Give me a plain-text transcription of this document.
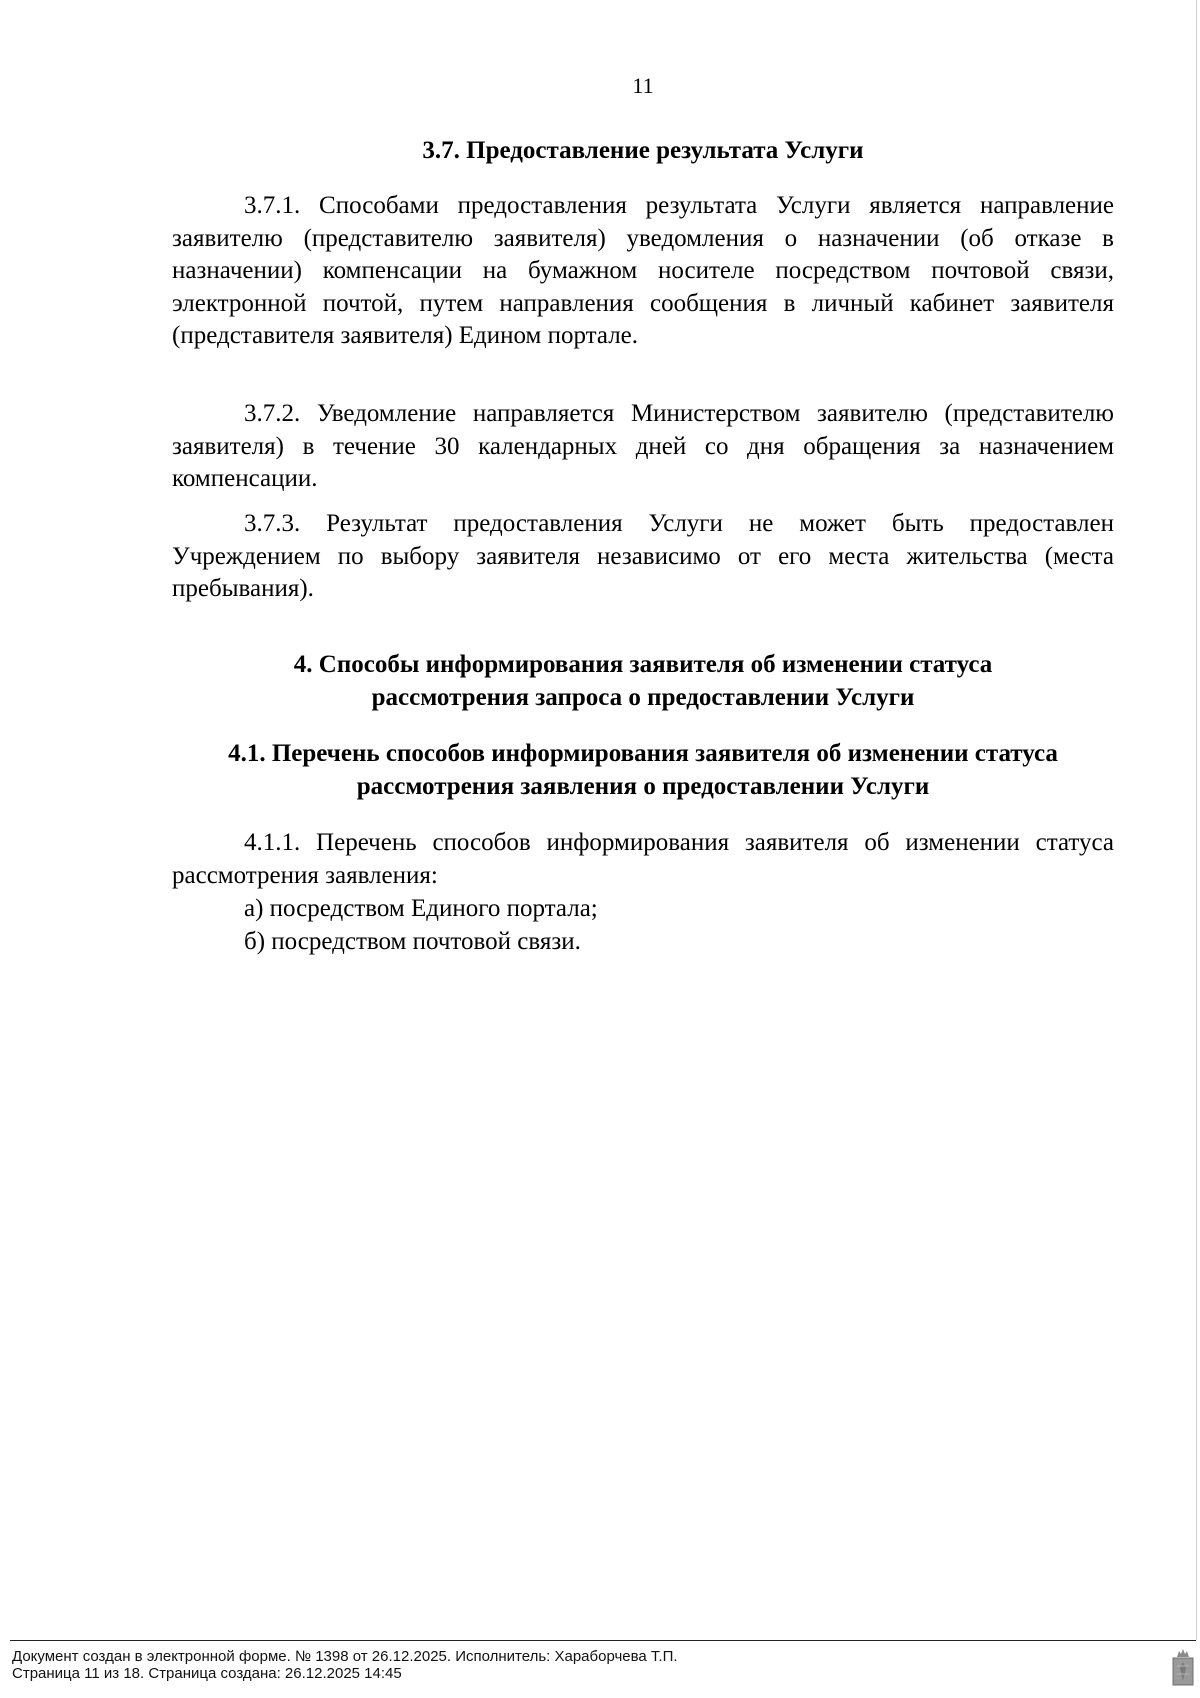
11
3.7. Предоставление результата Услуги

3.7.1. Способами предоставления результата Услуги является направление заявителю (представителю заявителя) уведомления о назначении (об отказе в назначении) компенсации на бумажном носителе посредством почтовой связи, электронной почтой, путем направления сообщения в личный кабинет заявителя (представителя заявителя) Едином портале.

3.7.2. Уведомление направляется Министерством заявителю (представителю заявителя) в течение 30 календарных дней со дня обращения за назначением компенсации.

3.7.3. Результат предоставления Услуги не может быть предоставлен Учреждением по выбору заявителя независимо от его места жительства (места пребывания).

4. Способы информирования заявителя об изменении статуса
рассмотрения запроса о предоставлении Услуги
4.1. Перечень способов информирования заявителя об изменении статуса
рассмотрения заявления о предоставлении Услуги

4.1.1. Перечень способов информирования заявителя об изменении статуса рассмотрения заявления:

а) посредством Единого портала;

б) посредством почтовой связи.

Документ создан в электронной форме. № 1398 от 26.12.2025. Исполнитель: Хараборчева Т.П.
Страница 11 из 18. Страница создана: 26.12.2025 14:45
